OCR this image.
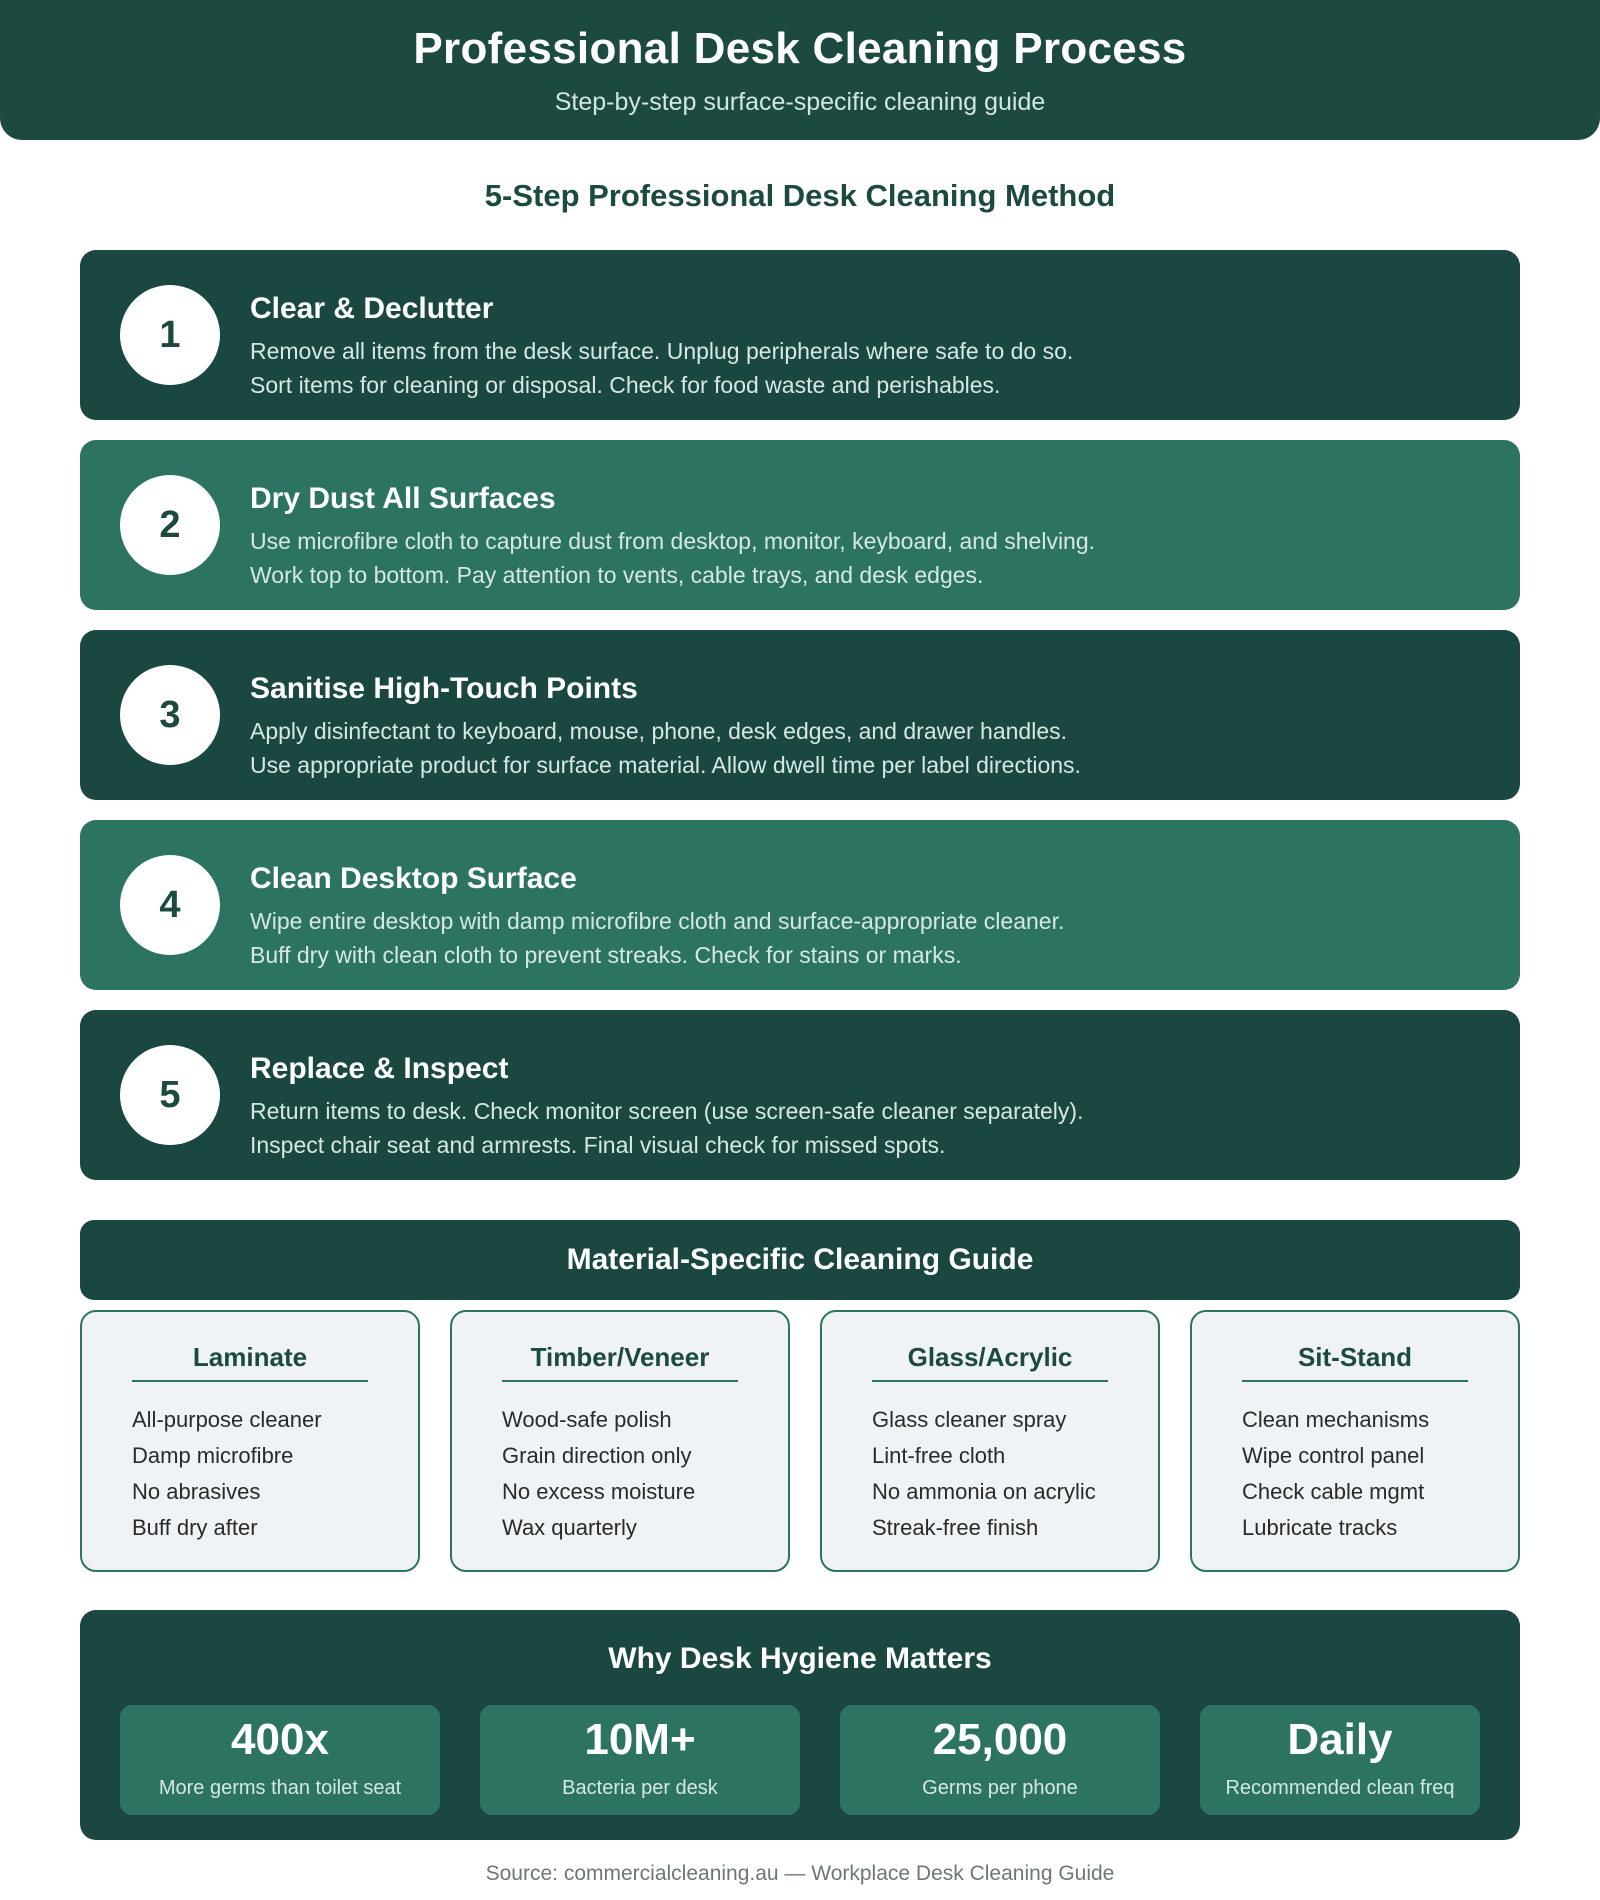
Professional Desk Cleaning Process
Step-by-step surface-specific cleaning guide
5-Step Professional Desk Cleaning Method
1
Clear & Declutter
Remove all items from the desk surface. Unplug peripherals where safe to do so.
Sort items for cleaning or disposal. Check for food waste and perishables.
2
Dry Dust All Surfaces
Use microfibre cloth to capture dust from desktop, monitor, keyboard, and shelving.
Work top to bottom. Pay attention to vents, cable trays, and desk edges.
3
Sanitise High-Touch Points
Apply disinfectant to keyboard, mouse, phone, desk edges, and drawer handles.
Use appropriate product for surface material. Allow dwell time per label directions.
4
Clean Desktop Surface
Wipe entire desktop with damp microfibre cloth and surface-appropriate cleaner.
Buff dry with clean cloth to prevent streaks. Check for stains or marks.
5
Replace & Inspect
Return items to desk. Check monitor screen (use screen-safe cleaner separately).
Inspect chair seat and armrests. Final visual check for missed spots.
Material-Specific Cleaning Guide
Laminate
All-purpose cleaner
Damp microfibre
No abrasives
Buff dry after
Timber/Veneer
Wood-safe polish
Grain direction only
No excess moisture
Wax quarterly
Glass/Acrylic
Glass cleaner spray
Lint-free cloth
No ammonia on acrylic
Streak-free finish
Sit-Stand
Clean mechanisms
Wipe control panel
Check cable mgmt
Lubricate tracks
Why Desk Hygiene Matters
400x
More germs than toilet seat
10M+
Bacteria per desk
25,000
Germs per phone
Daily
Recommended clean freq
Source: commercialcleaning.au — Workplace Desk Cleaning Guide
